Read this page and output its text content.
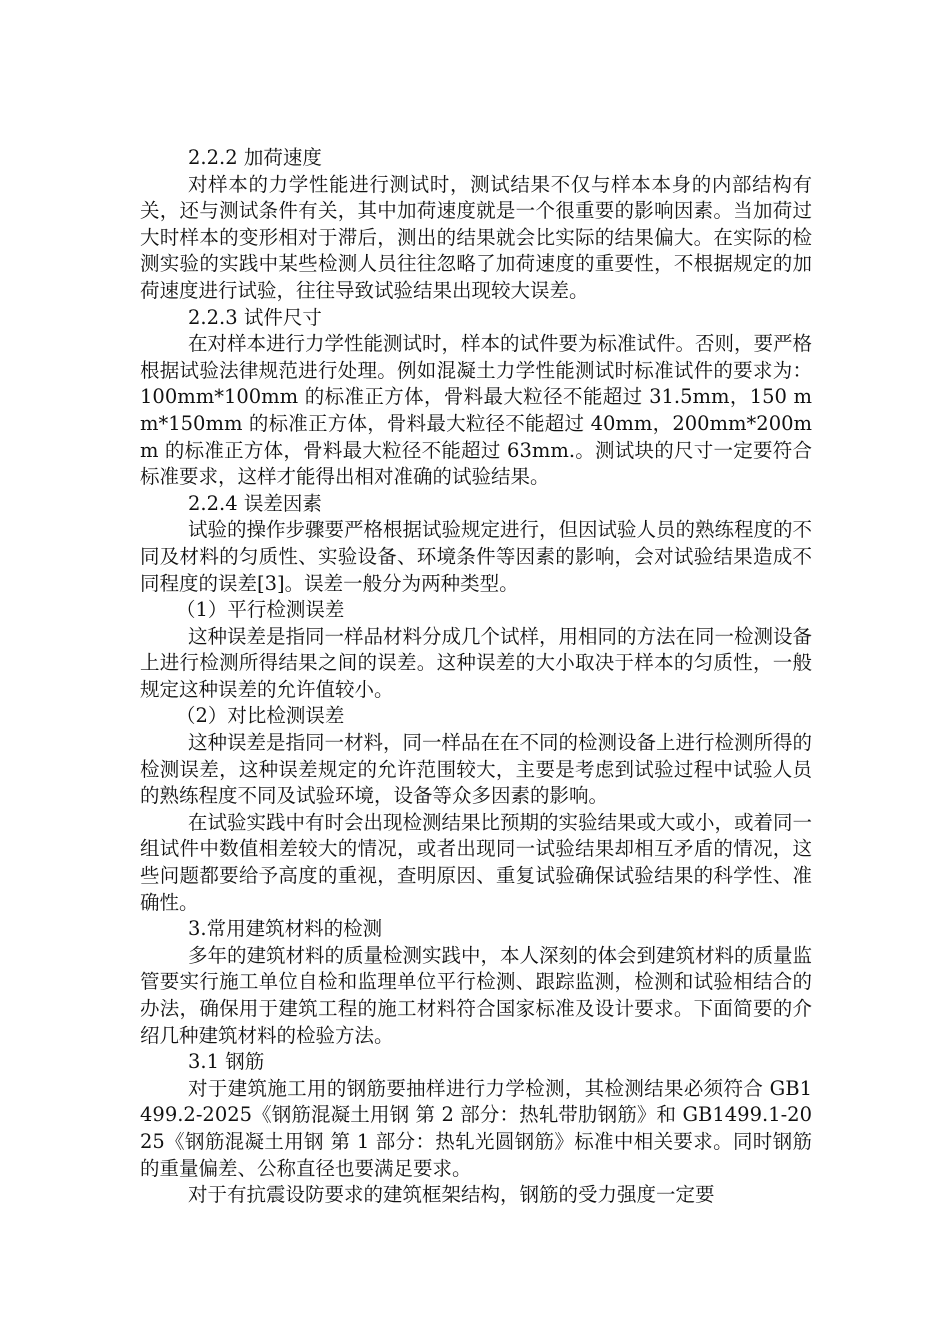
2.2.2 加荷速度

对样本的力学性能进行测试时，测试结果不仅与样本本身的内部结构有关，还与测试条件有关，其中加荷速度就是一个很重要的影响因素。当加荷过大时样本的变形相对于滞后，测出的结果就会比实际的结果偏大。在实际的检测实验的实践中某些检测人员往往忽略了加荷速度的重要性，不根据规定的加荷速度进行试验，往往导致试验结果出现较大误差。

2.2.3 试件尺寸

在对样本进行力学性能测试时，样本的试件要为标准试件。否则，要严格根据试验法律规范进行处理。例如混凝土力学性能测试时标准试件的要求为：100mm*100mm 的标准正方体，骨料最大粒径不能超过 31.5mm，150 mm*150mm 的标准正方体，骨料最大粒径不能超过 40mm，200mm*200mm 的标准正方体，骨料最大粒径不能超过 63mm.。测试块的尺寸一定要符合标准要求，这样才能得出相对准确的试验结果。

2.2.4 误差因素

试验的操作步骤要严格根据试验规定进行，但因试验人员的熟练程度的不同及材料的匀质性、实验设备、环境条件等因素的影响，会对试验结果造成不同程度的误差[3]。误差一般分为两种类型。

（1）平行检测误差

这种误差是指同一样品材料分成几个试样，用相同的方法在同一检测设备上进行检测所得结果之间的误差。这种误差的大小取决于样本的匀质性，一般规定这种误差的允许值较小。

（2）对比检测误差

这种误差是指同一材料，同一样品在在不同的检测设备上进行检测所得的检测误差，这种误差规定的允许范围较大，主要是考虑到试验过程中试验人员的熟练程度不同及试验环境，设备等众多因素的影响。

在试验实践中有时会出现检测结果比预期的实验结果或大或小，或着同一组试件中数值相差较大的情况，或者出现同一试验结果却相互矛盾的情况，这些问题都要给予高度的重视，查明原因、重复试验确保试验结果的科学性、准确性。

3.常用建筑材料的检测

多年的建筑材料的质量检测实践中，本人深刻的体会到建筑材料的质量监管要实行施工单位自检和监理单位平行检测、跟踪监测，检测和试验相结合的办法，确保用于建筑工程的施工材料符合国家标准及设计要求。下面简要的介绍几种建筑材料的检验方法。

3.1 钢筋

对于建筑施工用的钢筋要抽样进行力学检测，其检测结果必须符合 GB1499.2-2025《钢筋混凝土用钢 第 2 部分：热轧带肋钢筋》和 GB1499.1-2025《钢筋混凝土用钢 第 1 部分：热轧光圆钢筋》标准中相关要求。同时钢筋的重量偏差、公称直径也要满足要求。

对于有抗震设防要求的建筑框架结构，钢筋的受力强度一定要
